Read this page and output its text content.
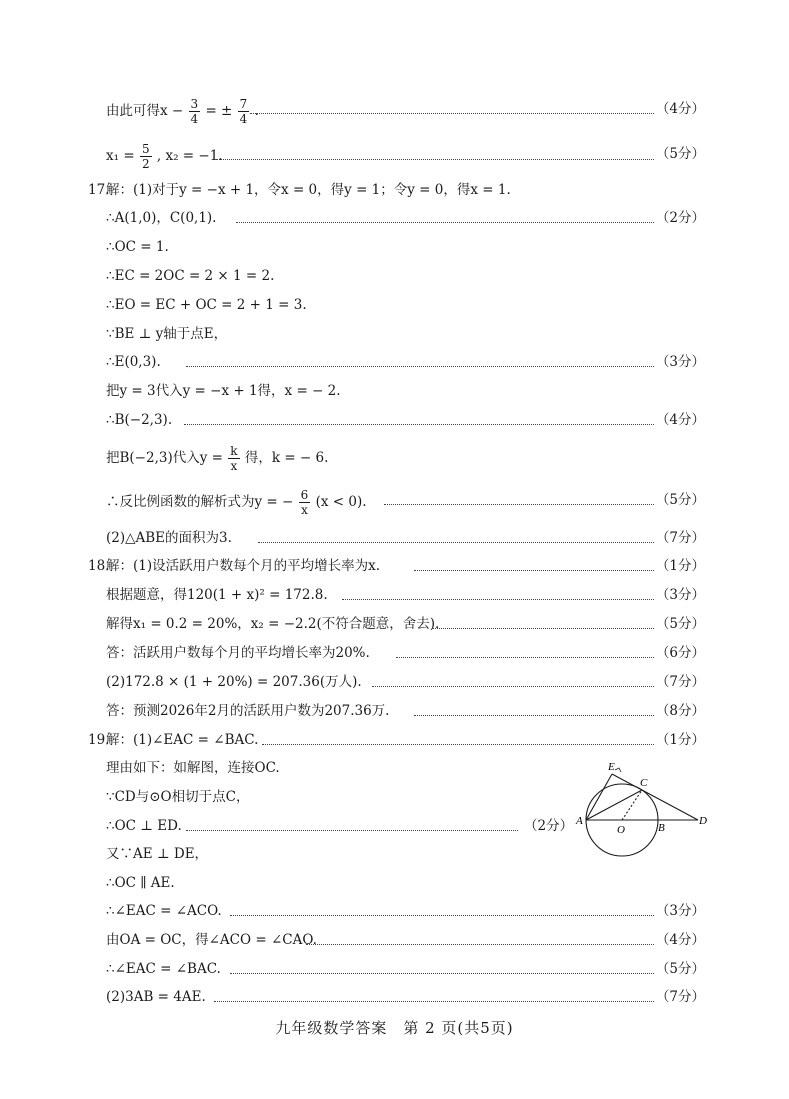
由此可得$x - \frac{3}{4}$ = ± $\frac{7}{4}$ .	（4分）
$x_1 = \frac{5}{2}$ , x₂ = −1.	（5分）
17.
解：(1)对于y = −x + 1，令x = 0，得y = 1；令y = 0，得x = 1.
∴A(1,0)，C(0,1).	（2分）
∴OC = 1.
∴EC = 2OC = 2 × 1 = 2.
∴EO = EC + OC = 2 + 1 = 3.
∵BE ⊥ y轴于点E，
∴E(0,3).	（3分）
把y = 3代入y = −x + 1得，x = − 2.
∴B(−2,3).	（4分）
把B(−2,3)代入$y = \frac{k}{x}$ 得，k = − 6.
∴反比例函数的解析式为y = − $\frac{6}{x} (x < 0)$.	（5分）
(2)△ABE的面积为3.	（7分）
18.
解：(1)设活跃用户数每个月的平均增长率为x.	（1分）
根据题意，得120(1 + x)² = 172.8.	（3分）
解得x₁ = 0.2 = 20%，x₂ = −2.2(不符合题意，舍去).	（5分）
答：活跃用户数每个月的平均增长率为20%.	（6分）
(2)172.8 × (1 + 20%) = 207.36(万人).	（7分）
答：预测2026年2月的活跃用户数为207.36万.	（8分）
19.
解：(1)∠EAC = ∠BAC.	（1分）
理由如下：如解图，连接OC.
∵CD与⊙O相切于点C，
∴OC ⊥ ED.	（2分）
又∵AE ⊥ DE，
∴OC ∥ AE.
∴∠EAC = ∠ACO.	（3分）
由OA = OC，得∠ACO = ∠CAO.	（4分）
∴∠EAC = ∠BAC.	（5分）
(2)3AB = 4AE.	（7分）
E
C
A
O	B
D
九年级数学答案　第 2 页(共5页)
